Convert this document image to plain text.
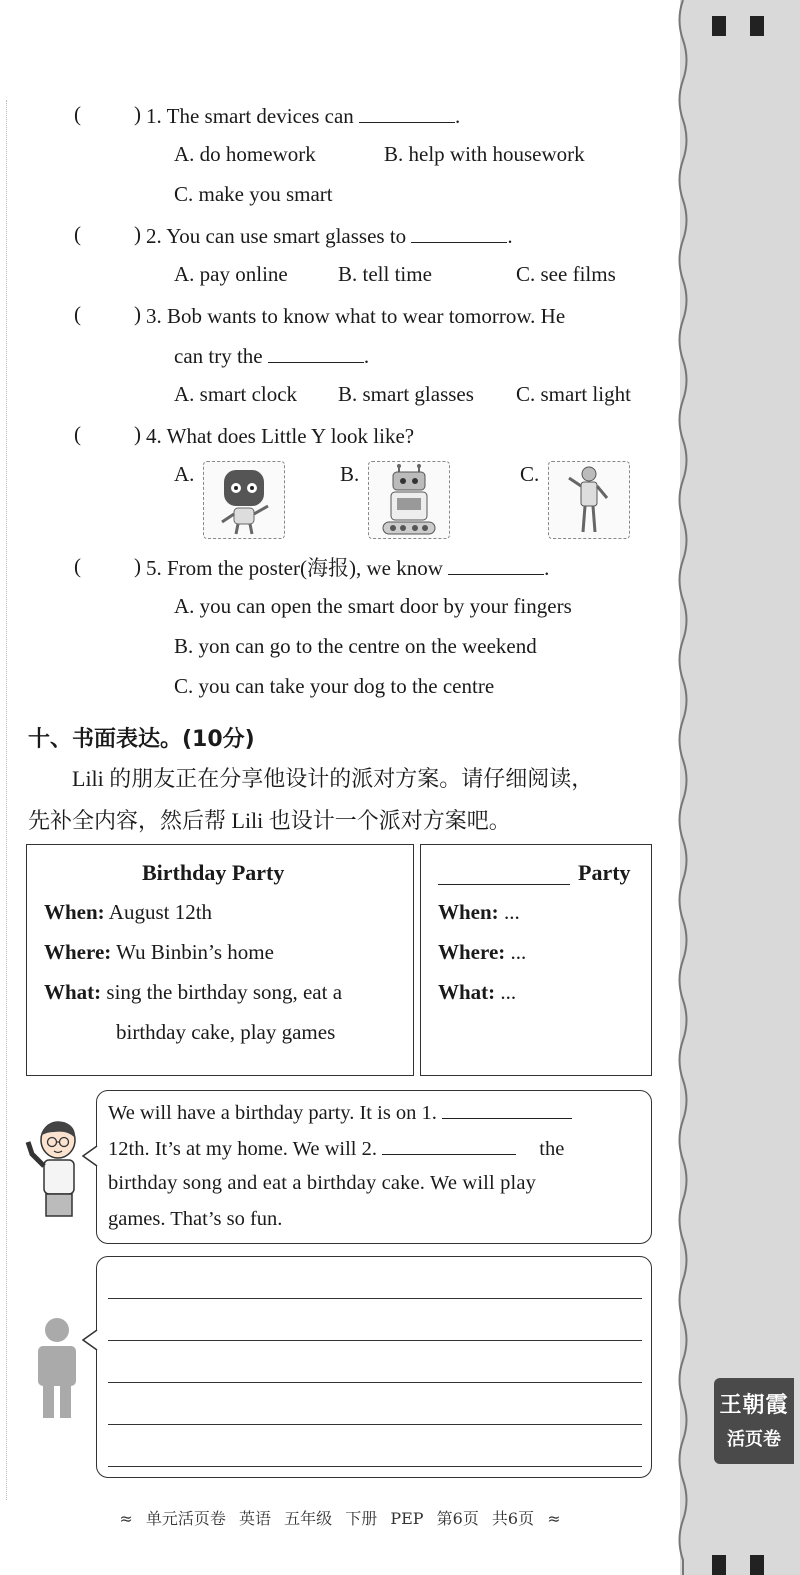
王朝霞
活页卷
(	) 1. The smart devices can	.
A. do homework	B. help with housework
C. make you smart
(	) 2. You can use smart glasses to	.
A. pay online B. tell time	C. see films
(	) 3. Bob wants to know what to wear tomorrow. He
can try the	.
A. smart clock B. smart glasses C. smart light
(	) 4. What does Little Y look like?
A.	B.	C.
(	) 5. From the poster(海报), we know	.
A. you can open the smart door by your fingers
B. yon can go to the centre on the weekend
C. you can take your dog to the centre
十、书面表达。(10分)
Lili 的朋友正在分享他设计的派对方案。请仔细阅读，
先补全内容，然后帮 Lili 也设计一个派对方案吧。
Birthday Party
When: August 12th
Where: Wu Binbin’s home
What: sing the birthday song, eat a
birthday cake, play games
Party
When: ...
Where: ...
What: ...
We will have a birthday party. It is on 1.
12th. It’s at my home. We will 2.	the
birthday song and eat a birthday cake. We will play
games. That’s so fun.
≈ 单元活页卷 英语 五年级 下册 PEP 第6页 共6页 ≈
